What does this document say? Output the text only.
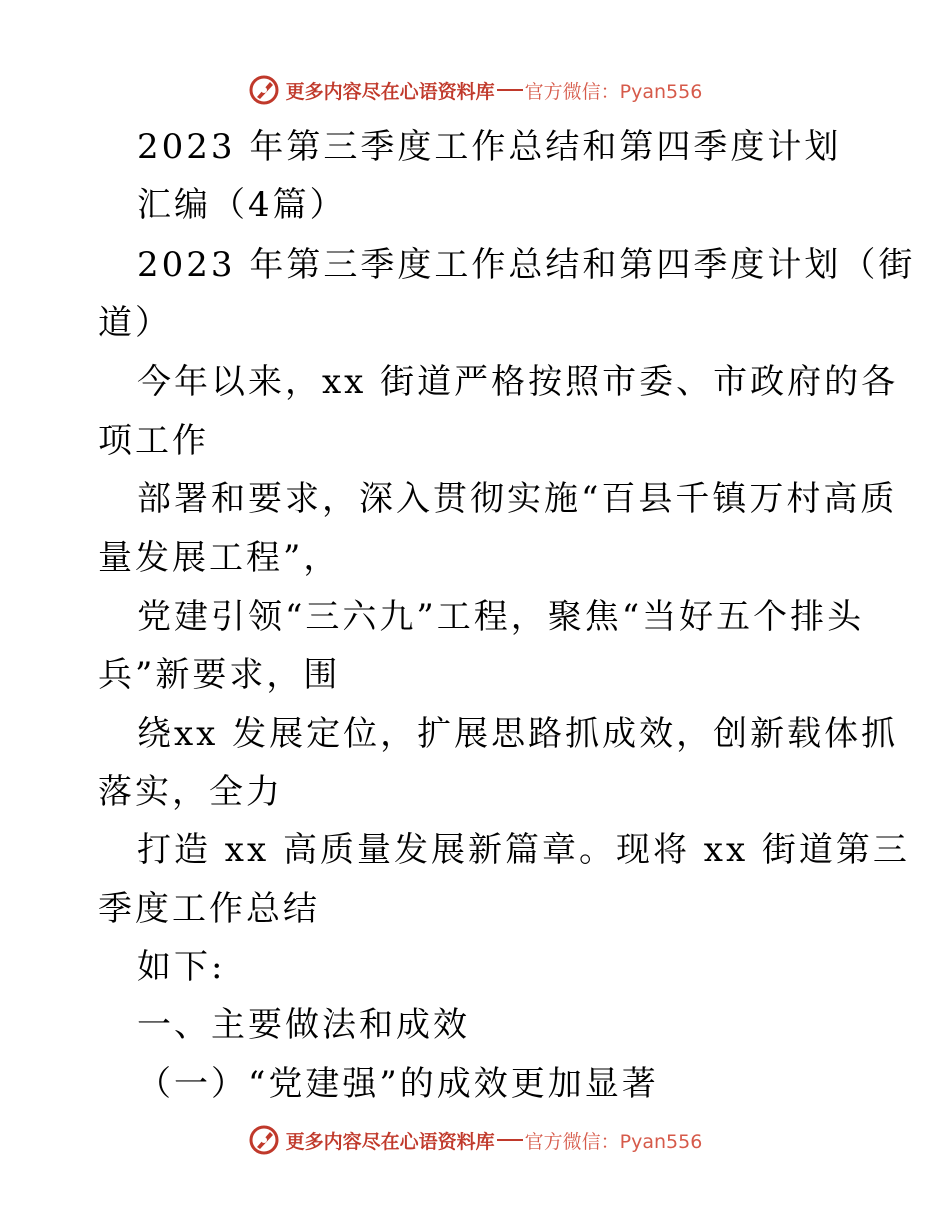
更多内容尽在心语资料库 官方微信：Pyan556
2023 年第三季度工作总结和第四季度计划
汇编（4篇）
2023 年第三季度工作总结和第四季度计划（街
道）
今年以来，xx 街道严格按照市委、市政府的各
项工作
部署和要求，深入贯彻实施“百县千镇万村高质
量发展工程”，
党建引领“三六九”工程，聚焦“当好五个排头
兵”新要求，围
绕xx 发展定位，扩展思路抓成效，创新载体抓
落实，全力
打造 xx 高质量发展新篇章。现将 xx 街道第三
季度工作总结
如下:
一、主要做法和成效
（一）“党建强”的成效更加显著
更多内容尽在心语资料库 官方微信：Pyan556
